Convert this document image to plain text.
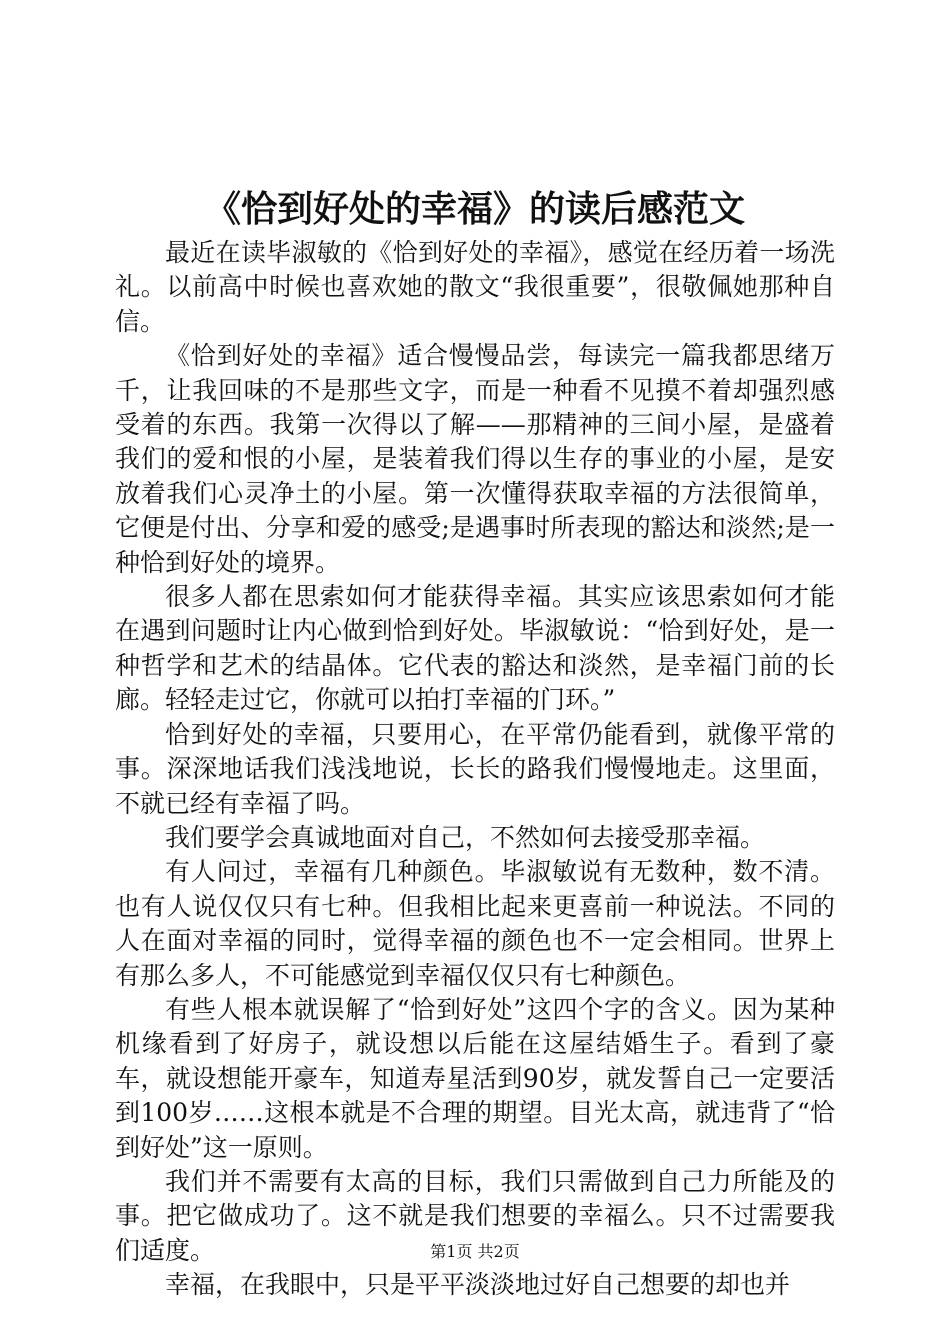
《恰到好处的幸福》的读后感范文

最近在读毕淑敏的《恰到好处的幸福》，感觉在经历着一场洗礼。以前高中时候也喜欢她的散文“我很重要”，很敬佩她那种自信。

《恰到好处的幸福》适合慢慢品尝，每读完一篇我都思绪万千，让我回味的不是那些文字，而是一种看不见摸不着却强烈感受着的东西。我第一次得以了解——那精神的三间小屋，是盛着我们的爱和恨的小屋，是装着我们得以生存的事业的小屋，是安放着我们心灵净土的小屋。第一次懂得获取幸福的方法很简单，它便是付出、分享和爱的感受;是遇事时所表现的豁达和淡然;是一种恰到好处的境界。

很多人都在思索如何才能获得幸福。其实应该思索如何才能在遇到问题时让内心做到恰到好处。毕淑敏说：“恰到好处，是一种哲学和艺术的结晶体。它代表的豁达和淡然，是幸福门前的长廊。轻轻走过它，你就可以拍打幸福的门环。”

恰到好处的幸福，只要用心，在平常仍能看到，就像平常的事。深深地话我们浅浅地说，长长的路我们慢慢地走。这里面，不就已经有幸福了吗。

我们要学会真诚地面对自己，不然如何去接受那幸福。

有人问过，幸福有几种颜色。毕淑敏说有无数种，数不清。也有人说仅仅只有七种。但我相比起来更喜前一种说法。不同的人在面对幸福的同时，觉得幸福的颜色也不一定会相同。世界上有那么多人，不可能感觉到幸福仅仅只有七种颜色。

有些人根本就误解了“恰到好处”这四个字的含义。因为某种机缘看到了好房子，就设想以后能在这屋结婚生子。看到了豪车，就设想能开豪车，知道寿星活到90岁，就发誓自己一定要活到100岁……这根本就是不合理的期望。目光太高，就违背了“恰到好处”这一原则。

我们并不需要有太高的目标，我们只需做到自己力所能及的事。把它做成功了。这不就是我们想要的幸福么。只不过需要我们适度。

幸福，在我眼中，只是平平淡淡地过好自己想要的却也并

第1页 共2页
